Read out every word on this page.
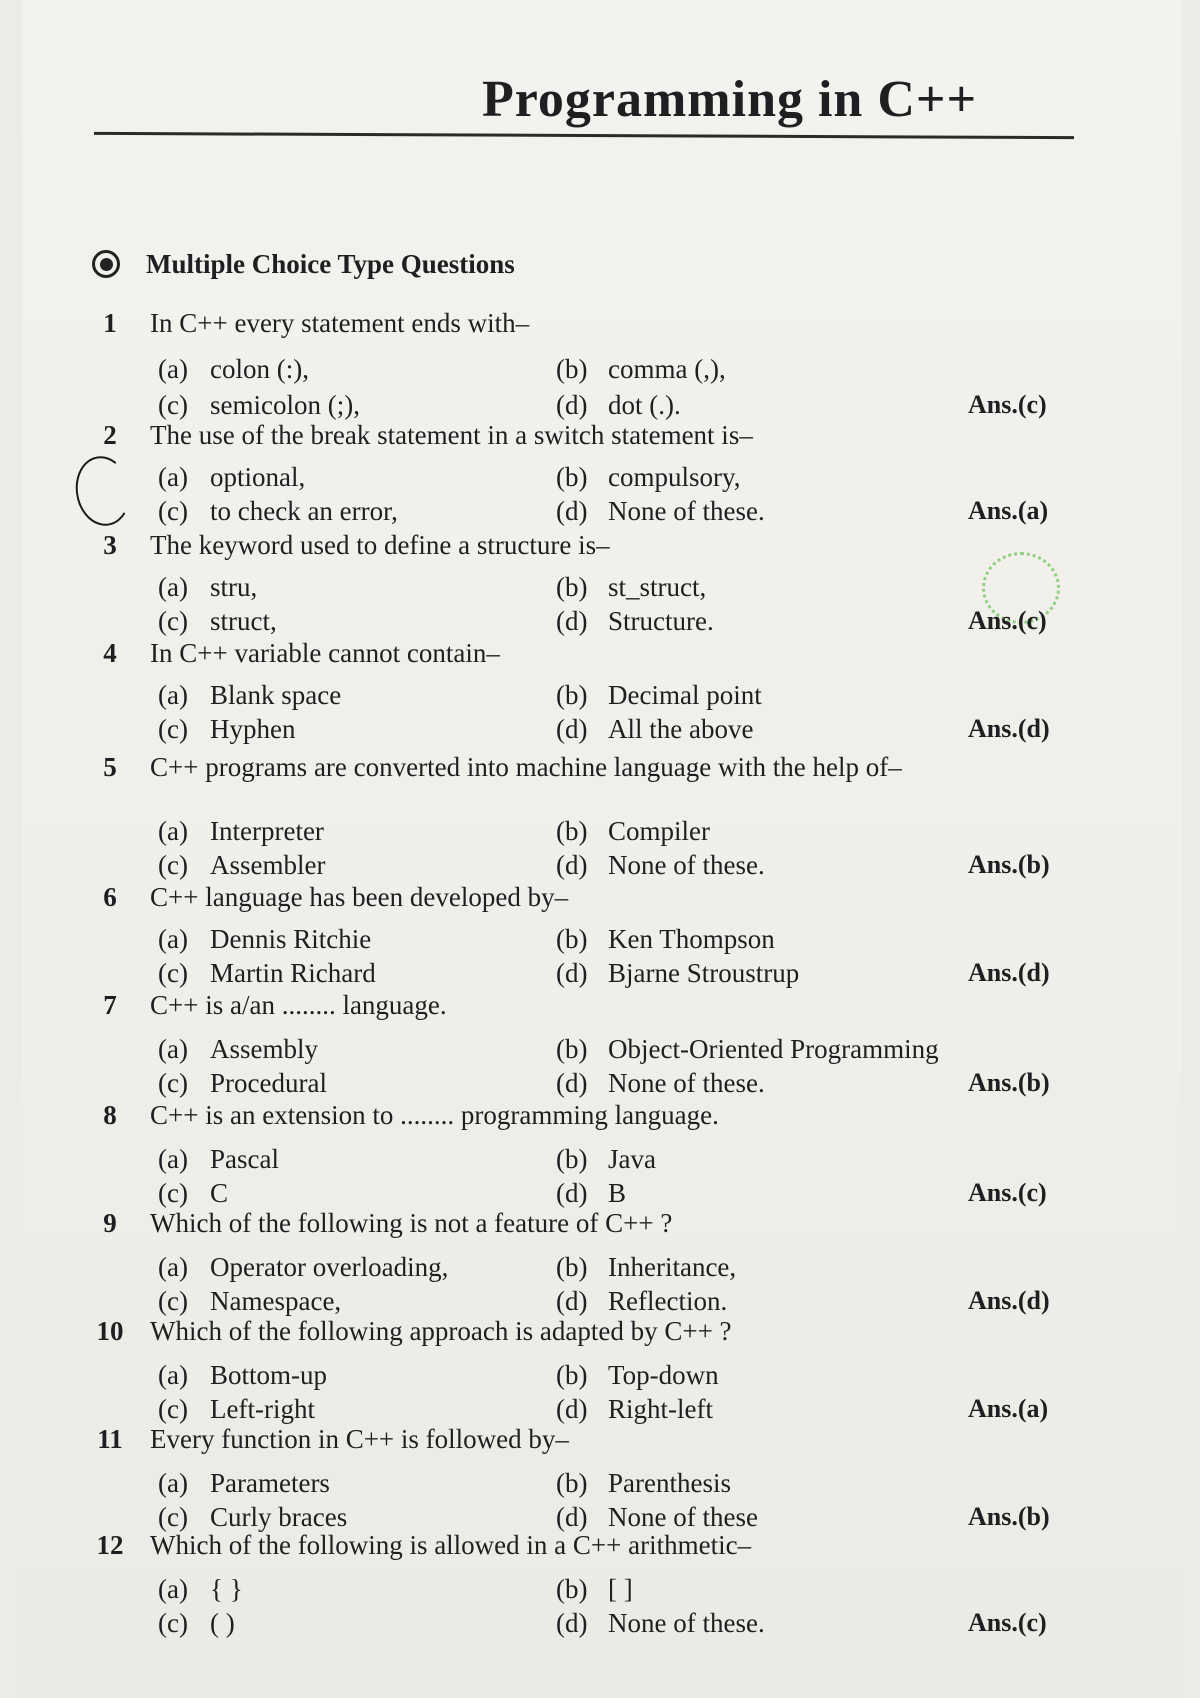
Programming in C++
Multiple Choice Type Questions
1	In C++ every statement ends with–
(a) colon (:),	(b) comma (,),
(c) semicolon (;),	(d) dot (.).	Ans.(c)
2	The use of the break statement in a switch statement is–
(a) optional,	(b) compulsory,
(c) to check an error,	(d) None of these.	Ans.(a)
3	The keyword used to define a structure is–
(a) stru,	(b) st_struct,
(c) struct,	(d) Structure.	Ans.(c)
4	In C++ variable cannot contain–
(a) Blank space	(b) Decimal point
(c) Hyphen	(d) All the above	Ans.(d)
5	C++ programs are converted into machine language with the help of–
(a) Interpreter	(b) Compiler
(c) Assembler	(d) None of these.	Ans.(b)
6	C++ language has been developed by–
(a) Dennis Ritchie	(b) Ken Thompson
(c) Martin Richard	(d) Bjarne Stroustrup	Ans.(d)
7	C++ is a/an ........ language.
(a) Assembly	(b) Object-Oriented Programming
(c) Procedural	(d) None of these.	Ans.(b)
8	C++ is an extension to ........ programming language.
(a) Pascal	(b) Java
(c) C	(d) B	Ans.(c)
9	Which of the following is not a feature of C++ ?
(a) Operator overloading,	(b) Inheritance,
(c) Namespace,	(d) Reflection.	Ans.(d)
10 Which of the following approach is adapted by C++ ?
(a) Bottom-up	(b) Top-down
(c) Left-right	(d) Right-left	Ans.(a)
11	Every function in C++ is followed by–
(a) Parameters	(b) Parenthesis
(c) Curly braces	(d) None of these	Ans.(b)
12 Which of the following is allowed in a C++ arithmetic–
(a) { }	(b) [ ]
(c) ( )	(d) None of these.	Ans.(c)
